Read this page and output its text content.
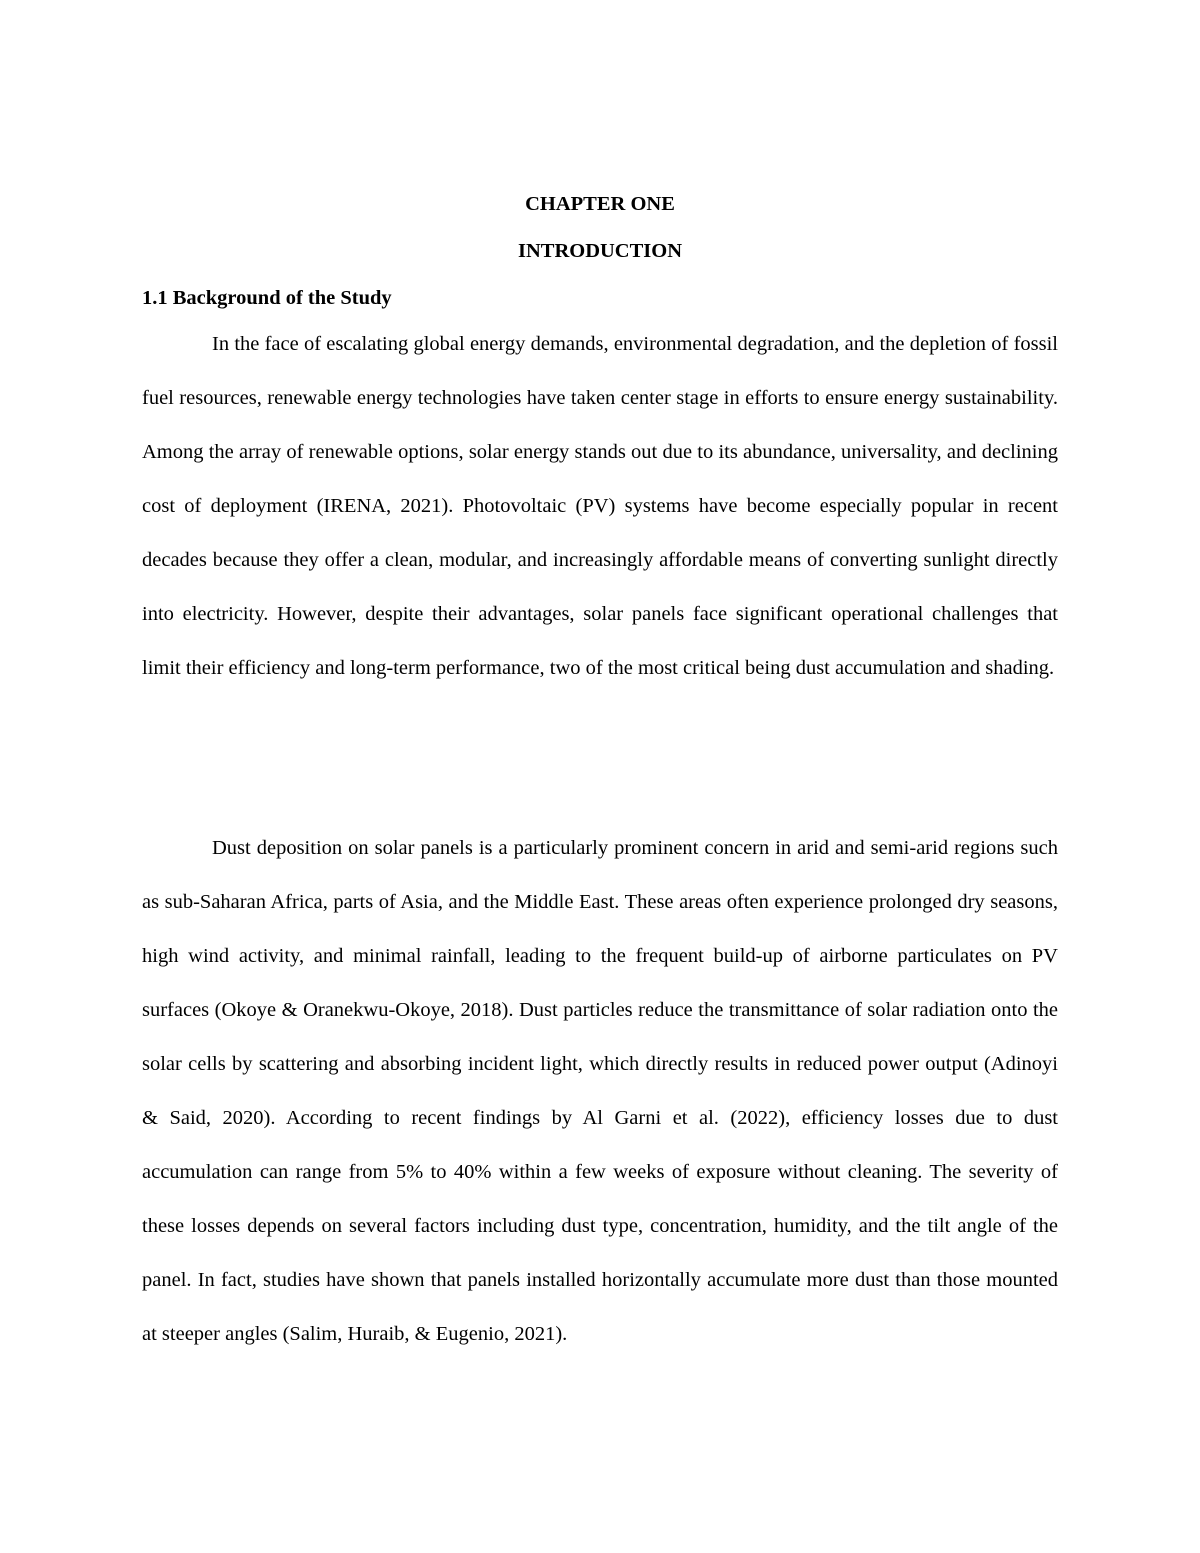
CHAPTER ONE
INTRODUCTION
1.1 Background of the Study

In the face of escalating global energy demands, environmental degradation, and the depletion of fossil fuel resources, renewable energy technologies have taken center stage in efforts to ensure energy sustainability. Among the array of renewable options, solar energy stands out due to its abundance, universality, and declining cost of deployment (IRENA, 2021). Photovoltaic (PV) systems have become especially popular in recent decades because they offer a clean, modular, and increasingly affordable means of converting sunlight directly into electricity. However, despite their advantages, solar panels face significant operational challenges that limit their efficiency and long-term performance, two of the most critical being dust accumulation and shading.

Dust deposition on solar panels is a particularly prominent concern in arid and semi-arid regions such as sub-Saharan Africa, parts of Asia, and the Middle East. These areas often experience prolonged dry seasons, high wind activity, and minimal rainfall, leading to the frequent build-up of airborne particulates on PV surfaces (Okoye & Oranekwu-Okoye, 2018). Dust particles reduce the transmittance of solar radiation onto the solar cells by scattering and absorbing incident light, which directly results in reduced power output (Adinoyi & Said, 2020). According to recent findings by Al Garni et al. (2022), efficiency losses due to dust accumulation can range from 5% to 40% within a few weeks of exposure without cleaning. The severity of these losses depends on several factors including dust type, concentration, humidity, and the tilt angle of the panel. In fact, studies have shown that panels installed horizontally accumulate more dust than those mounted at steeper angles (Salim, Huraib, & Eugenio, 2021).
